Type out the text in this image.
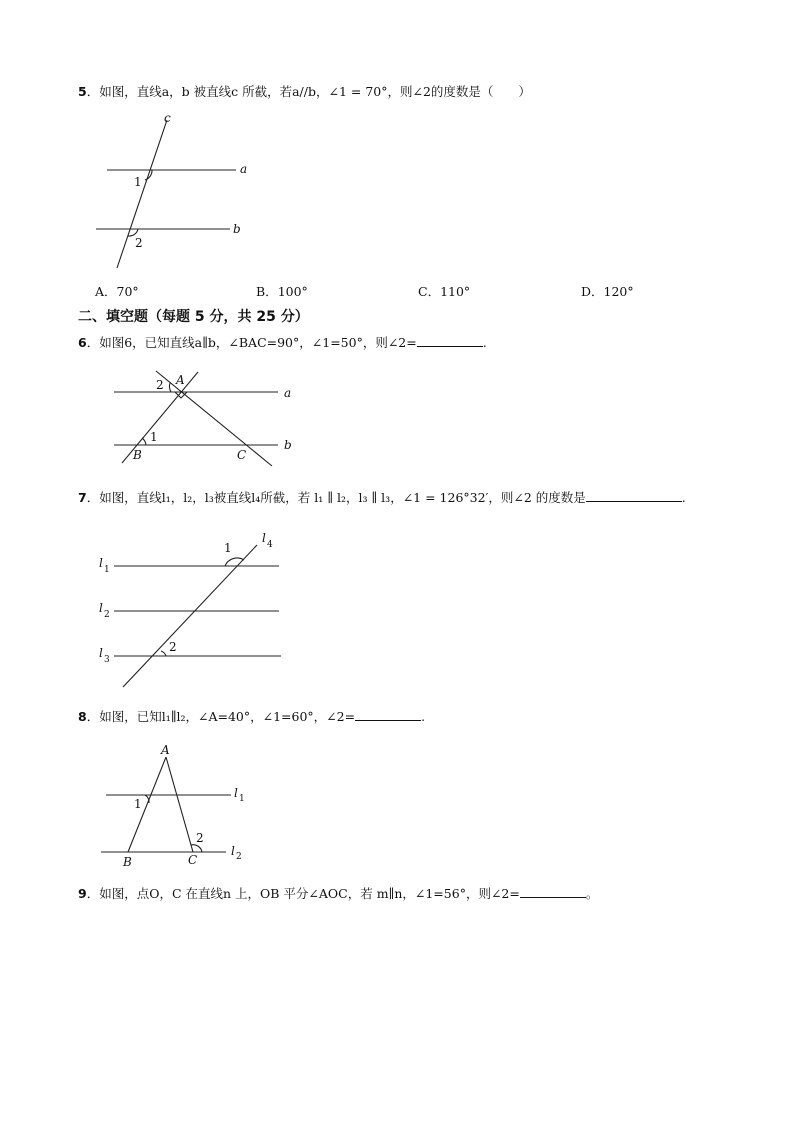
5．如图，直线a，b 被直线c 所截，若a//b，∠1 = 70°，则∠2的度数是（　　）
c
a
b
1
2
A．70°	B．100°	C．110°	D．120°
二、填空题（每题 5 分，共 25 分）
6．如图6，已知直线a∥b，∠BAC=90°，∠1=50°，则∠2=	.
A
2
a
1
b
B	C
7．如图，直线l₁，l₂，l₃被直线l₄所截，若 l₁ ∥ l₂，l₃ ∥ l₃，∠1 = 126°32′，则∠2 的度数是	.
1
l 4
l 1
l 2
l 3
2
8．如图，已知l₁∥l₂，∠A=40°，∠1=60°，∠2=	.
A
l 1
1
2
l 2
B	C
9．如图，点O，C 在直线n 上，OB 平分∠AOC，若 m∥n，∠1=56°，则∠2=	。
